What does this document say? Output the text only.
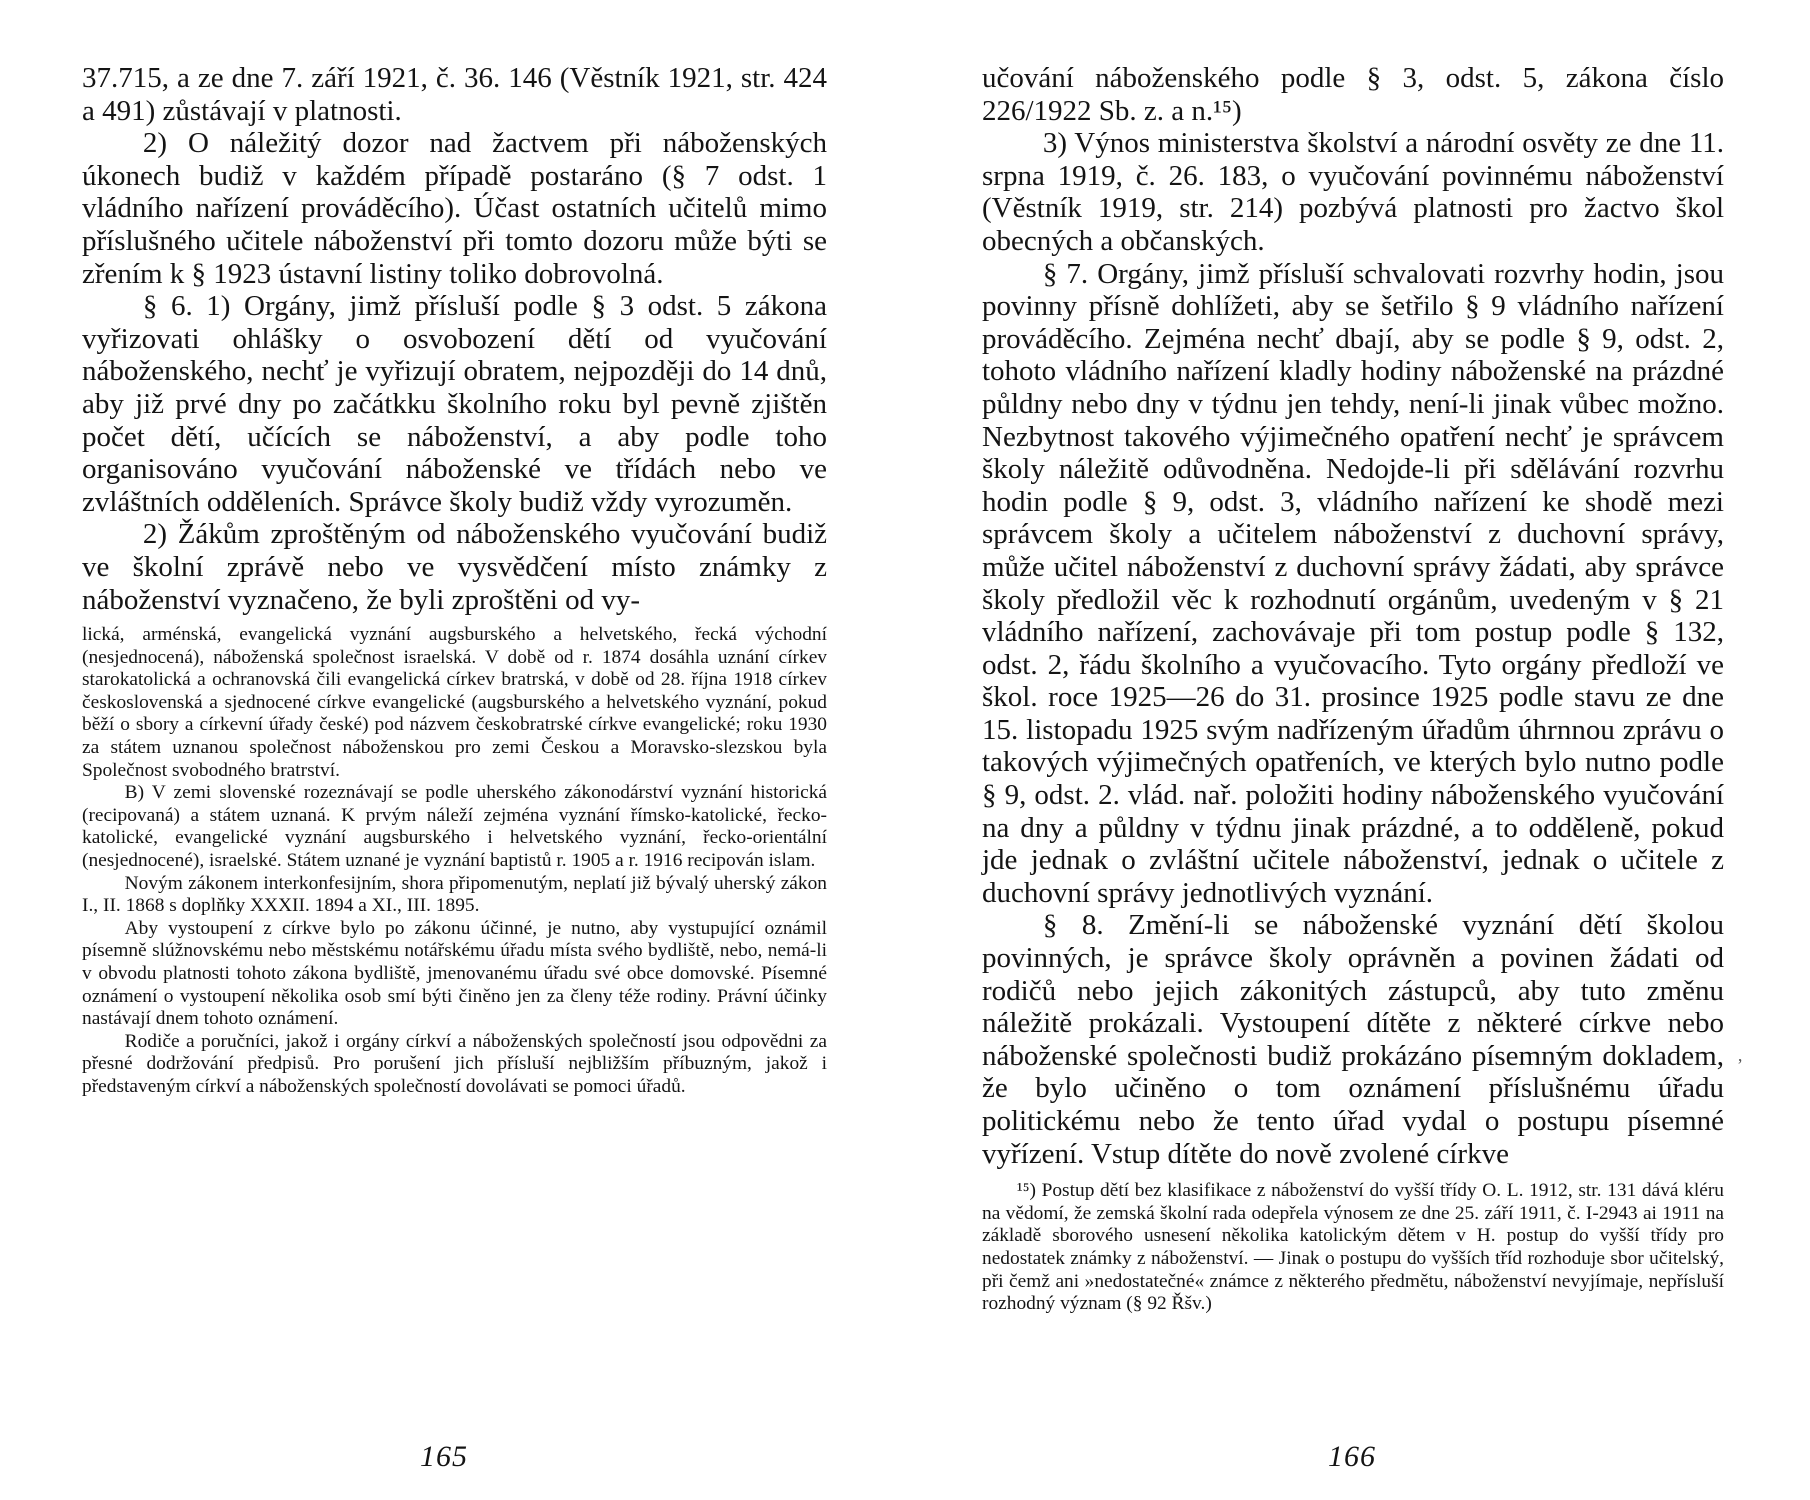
37.715, a ze dne 7. září 1921, č. 36. 146 (Věstník 1921, str. 424 a 491) zůstávají v platnosti.

2) O náležitý dozor nad žactvem při náboženských úkonech budiž v každém případě postaráno (§ 7 odst. 1 vládního nařízení prováděcího). Účast ostatních učitelů mimo příslušného učitele náboženství při tomto dozoru může býti se zřením k § 1923 ústavní listiny toliko dobrovolná.

§ 6. 1) Orgány, jimž přísluší podle § 3 odst. 5 zákona vyřizovati ohlášky o osvobození dětí od vyučování náboženského, nechť je vyřizují obratem, nejpozději do 14 dnů, aby již prvé dny po začátkku školního roku byl pevně zjištěn počet dětí, učících se náboženství, a aby podle toho organisováno vyučování náboženské ve třídách nebo ve zvláštních odděleních. Správce školy budiž vždy vyrozuměn.

2) Žákům zproštěným od náboženského vyučování budiž ve školní zprávě nebo ve vysvědčení místo známky z náboženství vyznačeno, že byli zproštěni od vy-

lická, arménská, evangelická vyznání augsburského a helvetského, řecká východní (nesjednocená), náboženská společnost israelská. V době od r. 1874 dosáhla uznání církev starokatolická a ochranovská čili evangelická církev bratrská, v době od 28. října 1918 církev československá a sjednocené církve evangelické (augsburského a helvetského vyznání, pokud běží o sbory a církevní úřady české) pod názvem českobratrské církve evangelické; roku 1930 za státem uznanou společnost náboženskou pro zemi Českou a Moravsko-slezskou byla Společnost svobodného bratrství.

B) V zemi slovenské rozeznávají se podle uherského zákonodárství vyznání historická (recipovaná) a státem uznaná. K prvým náleží zejména vyznání římsko-katolické, řecko-katolické, evangelické vyznání augsburského i helvetského vyznání, řecko-orientální (nesjednocené), israelské. Státem uznané je vyznání baptistů r. 1905 a r. 1916 recipován islam.

Novým zákonem interkonfesijním, shora připomenutým, neplatí již bývalý uherský zákon I., II. 1868 s doplňky XXXII. 1894 a XI., III. 1895.

Aby vystoupení z církve bylo po zákonu účinné, je nutno, aby vystupující oznámil písemně slúžnovskému nebo městskému notářskému úřadu místa svého bydliště, nebo, nemá-li v obvodu platnosti tohoto zákona bydliště, jmenovanému úřadu své obce domovské. Písemné oznámení o vystoupení několika osob smí býti činěno jen za členy téže rodiny. Právní účinky nastávají dnem tohoto oznámení.

Rodiče a poručníci, jakož i orgány církví a náboženských společností jsou odpovědni za přesné dodržování předpisů. Pro porušení jich přísluší nejbližším příbuzným, jakož i představeným církví a náboženských společností dovolávati se pomoci úřadů.

165

učování náboženského podle § 3, odst. 5, zákona číslo 226/1922 Sb. z. a n.¹⁵)

3) Výnos ministerstva školství a národní osvěty ze dne 11. srpna 1919, č. 26. 183, o vyučování povinnému náboženství (Věstník 1919, str. 214) pozbývá platnosti pro žactvo škol obecných a občanských.

§ 7. Orgány, jimž přísluší schvalovati rozvrhy hodin, jsou povinny přísně dohlížeti, aby se šetřilo § 9 vládního nařízení prováděcího. Zejména nechť dbají, aby se podle § 9, odst. 2, tohoto vládního nařízení kladly hodiny náboženské na prázdné půldny nebo dny v týdnu jen tehdy, není-li jinak vůbec možno. Nezbytnost takového výjimečného opatření nechť je správcem školy náležitě odůvodněna. Nedojde-li při sdělávání rozvrhu hodin podle § 9, odst. 3, vládního nařízení ke shodě mezi správcem školy a učitelem náboženství z duchovní správy, může učitel náboženství z duchovní správy žádati, aby správce školy předložil věc k rozhodnutí orgánům, uvedeným v § 21 vládního nařízení, zachovávaje při tom postup podle § 132, odst. 2, řádu školního a vyučovacího. Tyto orgány předloží ve škol. roce 1925—26 do 31. prosince 1925 podle stavu ze dne 15. listopadu 1925 svým nadřízeným úřadům úhrnnou zprávu o takových výjimečných opatřeních, ve kterých bylo nutno podle § 9, odst. 2. vlád. nař. položiti hodiny náboženského vyučování na dny a půldny v týdnu jinak prázdné, a to odděleně, pokud jde jednak o zvláštní učitele náboženství, jednak o učitele z duchovní správy jednotlivých vyznání.

§ 8. Změní-li se náboženské vyznání dětí školou povinných, je správce školy oprávněn a povinen žádati od rodičů nebo jejich zákonitých zástupců, aby tuto změnu náležitě prokázali. Vystoupení dítěte z některé církve nebo náboženské společnosti budiž prokázáno písemným dokladem, že bylo učiněno o tom oznámení příslušnému úřadu politickému nebo že tento úřad vydal o postupu písemné vyřízení. Vstup dítěte do nově zvolené církve

¹⁵) Postup dětí bez klasifikace z náboženství do vyšší třídy O. L. 1912, str. 131 dává kléru na vědomí, že zemská školní rada odepřela výnosem ze dne 25. září 1911, č. I-2943 ai 1911 na základě sborového usnesení několika katolickým dětem v H. postup do vyšší třídy pro nedostatek známky z náboženství. — Jinak o postupu do vyšších tříd rozhoduje sbor učitelský, při čemž ani »nedostatečné« známce z některého předmětu, náboženství nevyjímaje, nepřísluší rozhodný význam (§ 92 Řšv.)

166
’
